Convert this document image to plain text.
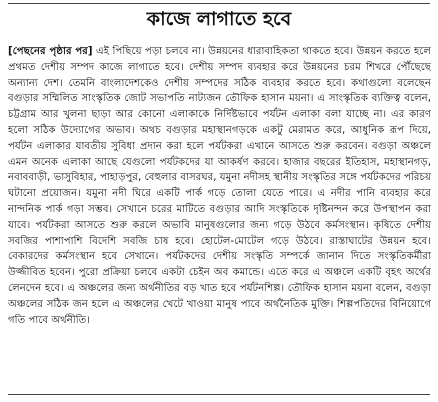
কাজে লাগাতে হবে

[পেছনের পৃষ্ঠার পর] এই পিছিয়ে পড়া চলবে না। উন্নয়নের ধারাবাহিকতা থাকতে হবে। উন্নয়ন করতে হলে প্রথমত দেশীয় সম্পদ কাজে লাগাতে হবে। দেশীয় সম্পদ ব্যবহার করে উন্নয়নের চরম শিখরে পৌঁছেছে অন্যান্য দেশ। তেমনি বাংলাদেশকেও দেশীয় সম্পদের সঠিক ব্যবহার করতে হবে। কথাগুলো বলেছেন বগুড়ার সম্মিলিত সাংস্কৃতিক জোট সভাপতি নাট্যজন তৌফিক হাসান ময়না। এ সাংস্কৃতিক ব্যক্তিত্ব বলেন, চট্টগ্রাম আর খুলনা ছাড়া আর কোনো এলাকাকে নির্দিষ্টভাবে পর্যটন এলাকা বলা যাচ্ছে না। এর কারণ হলো সঠিক উদ্যোগের অভাব। অথচ বগুড়ার মহাস্থানগড়কে একটু মেরামত করে, আধুনিক রূপ দিয়ে, পর্যটন এলাকার যাবতীয় সুবিধা প্রদান করা হলে পর্যটকরা এখানে আসতে শুরু করবেন। বগুড়া অঞ্চলে এমন অনেক এলাকা আছে যেগুলো পর্যটকদের যা আকর্ষণ করবে। হাজার বছরের ইতিহাস, মহাস্থানগড়, নবাববাড়ী, ভাসুবিহার, পাহাড়পুর, বেহুলার বাসরঘর, যমুনা নদীসহ স্থানীয় সংস্কৃতির সঙ্গে পর্যটকদের পরিচয় ঘটানো প্রয়োজন। যমুনা নদী ঘিরে একটি পার্ক গড়ে তোলা যেতে পারে। এ নদীর পানি ব্যবহার করে নান্দনিক পার্ক গড়া সম্ভব। সেখানে চরের মাটিতে বগুড়ার আদি সংস্কৃতিকে দৃষ্টিনন্দন করে উপস্থাপন করা যাবে। পর্যটকরা আসতে শুরু করলে অভাবি মানুষগুলোর জন্য গড়ে উঠবে কর্মসংস্থান। কৃষিতে দেশীয় সবজির পাশাপাশি বিদেশি সবজি চাষ হবে। হোটেল-মোটেল গড়ে উঠবে। রাস্তাঘাটের উন্নয়ন হবে। বেকারদের কর্মসংস্থান হবে সেখানে। পর্যটকদের দেশীয় সংস্কৃতি সম্পর্কে জানান দিতে সংস্কৃতিকর্মীরা উজ্জীবিত হবেন। পুরো প্রক্রিয়া চলবে একটা চেইন অব কমান্ডে। এতে করে এ অঞ্চলে একটি বৃহৎ অর্থের লেনদেন হবে। এ অঞ্চলের জন্য অর্থনীতির বড় খাত হবে পর্যটনশিল্প। তৌফিক হাসান ময়না বলেন, বগুড়া অঞ্চলের সঠিক জন হলে এ অঞ্চলের খেটে খাওয়া মানুষ পাবে অর্থনৈতিক মুক্তি। শিল্পপতিদের বিনিয়োগে গতি পাবে অর্থনীতি।
